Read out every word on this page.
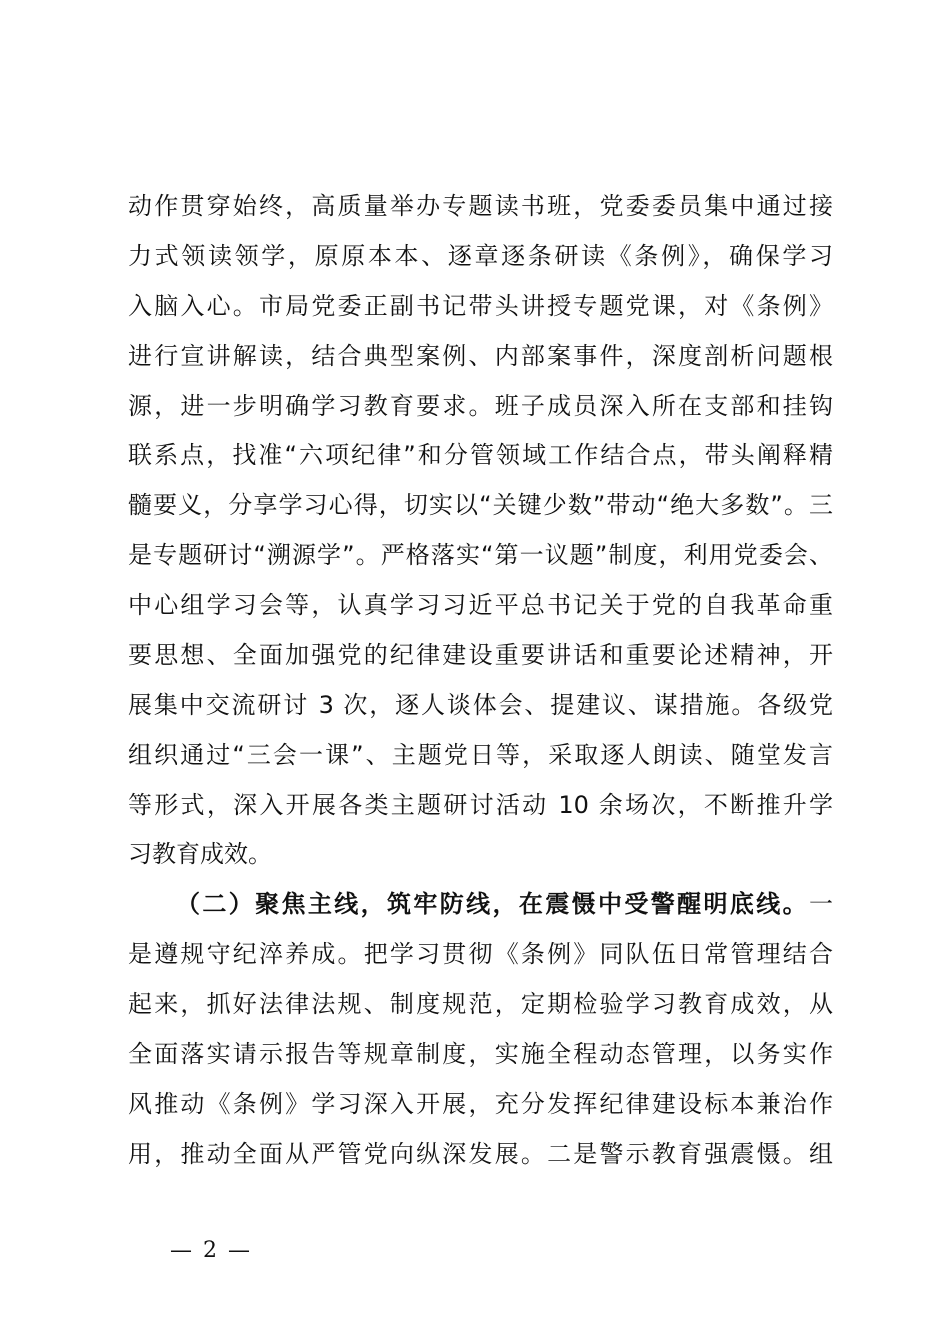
动作贯穿始终，高质量举办专题读书班，党委委员集中通过接
力式领读领学，原原本本、逐章逐条研读《条例》，确保学习
入脑入心。市局党委正副书记带头讲授专题党课，对《条例》
进行宣讲解读，结合典型案例、内部案事件，深度剖析问题根
源，进一步明确学习教育要求。班子成员深入所在支部和挂钩
联系点，找准“六项纪律”和分管领域工作结合点，带头阐释精
髓要义，分享学习心得，切实以“关键少数”带动“绝大多数”。三
是专题研讨“溯源学”。严格落实“第一议题”制度，利用党委会、
中心组学习会等，认真学习习近平总书记关于党的自我革命重
要思想、全面加强党的纪律建设重要讲话和重要论述精神，开
展集中交流研讨 3 次，逐人谈体会、提建议、谋措施。各级党
组织通过“三会一课”、主题党日等，采取逐人朗读、随堂发言
等形式，深入开展各类主题研讨活动 10 余场次，不断推升学
习教育成效。
（二）聚焦主线，筑牢防线，在震慑中受警醒明底线。一
是遵规守纪淬养成。把学习贯彻《条例》同队伍日常管理结合
起来，抓好法律法规、制度规范，定期检验学习教育成效，从
全面落实请示报告等规章制度，实施全程动态管理，以务实作
风推动《条例》学习深入开展，充分发挥纪律建设标本兼治作
用，推动全面从严管党向纵深发展。二是警示教育强震慑。组
— 2 —
